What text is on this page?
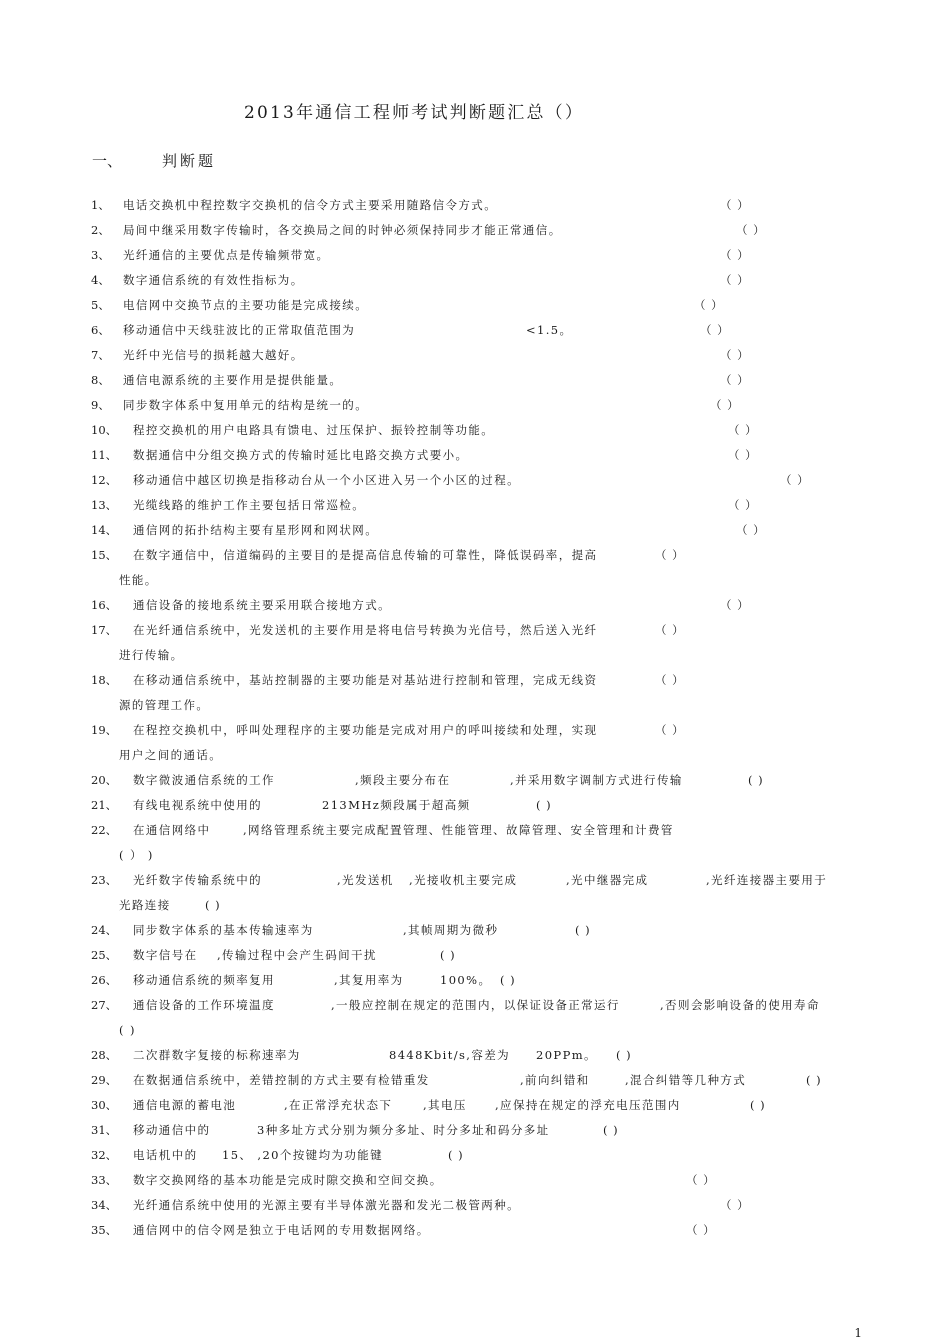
2013年通信工程师考试判断题汇总（）
一、	判断题
1、	电话交换机中程控数字交换机的信令方式主要采用随路信令方式。	（ ）
2、	局间中继采用数字传输时，各交换局之间的时钟必须保持同步才能正常通信。	（ ）
3、	光纤通信的主要优点是传输频带宽。	（ ）
4、	数字通信系统的有效性指标为。	（ ）
5、	电信网中交换节点的主要功能是完成接续。	（ ）
6、	移动通信中天线驻波比的正常取值范围为	<1.5。	（ ）
7、	光纤中光信号的损耗越大越好。	（ ）
8、	通信电源系统的主要作用是提供能量。	（ ）
9、	同步数字体系中复用单元的结构是统一的。	（ ）
10、	程控交换机的用户电路具有馈电、过压保护、振铃控制等功能。	（ ）
11、	数据通信中分组交换方式的传输时延比电路交换方式要小。	（ ）
12、	移动通信中越区切换是指移动台从一个小区进入另一个小区的过程。	（ ）
13、	光缆线路的维护工作主要包括日常巡检。	（ ）
14、	通信网的拓扑结构主要有星形网和网状网。	（ ）
15、	在数字通信中，信道编码的主要目的是提高信息传输的可靠性，降低误码率，提高	（ ）
性能。
16、	通信设备的接地系统主要采用联合接地方式。	（ ）
17、	在光纤通信系统中，光发送机的主要作用是将电信号转换为光信号，然后送入光纤	（ ）
进行传输。
18、	在移动通信系统中，基站控制器的主要功能是对基站进行控制和管理，完成无线资	（ ）
源的管理工作。
19、	在程控交换机中，呼叫处理程序的主要功能是完成对用户的呼叫接续和处理，实现	（ ）
用户之间的通话。
20、	数字微波通信系统的工作	,频段主要分布在	,并采用数字调制方式进行传输	( )
21、	有线电视系统中使用的	213MHz频段属于超高频	( )
22、	在通信网络中	,网络管理系统主要完成配置管理、性能管理、故障管理、安全管理和计费管
( ） )
23、	光纤数字传输系统中的	,光发送机 ,光接收机主要完成	,光中继器完成	,光纤连接器主要用于
光路连接	( )
24、	同步数字体系的基本传输速率为	,其帧周期为微秒	( )
25、	数字信号在 ,传输过程中会产生码间干扰	( )
26、	移动通信系统的频率复用	,其复用率为	100%。 ( )
27、	通信设备的工作环境温度	,一般应控制在规定的范围内，以保证设备正常运行	,否则会影响设备的使用寿命
( )
28、	二次群数字复接的标称速率为	8448Kbit/s,容差为 20PPm。 ( )
29、	在数据通信系统中，差错控制的方式主要有检错重发	,前向纠错和	,混合纠错等几种方式	( )
30、	通信电源的蓄电池	,在正常浮充状态下	,其电压 ,应保持在规定的浮充电压范围内	( )
31、	移动通信中的	3种多址方式分别为频分多址、时分多址和码分多址	( )
32、	电话机中的 15、 ,20个按键均为功能键	( )
33、	数字交换网络的基本功能是完成时隙交换和空间交换。	（ ）
34、	光纤通信系统中使用的光源主要有半导体激光器和发光二极管两种。	（ ）
35、	通信网中的信令网是独立于电话网的专用数据网络。	（ ）
1
